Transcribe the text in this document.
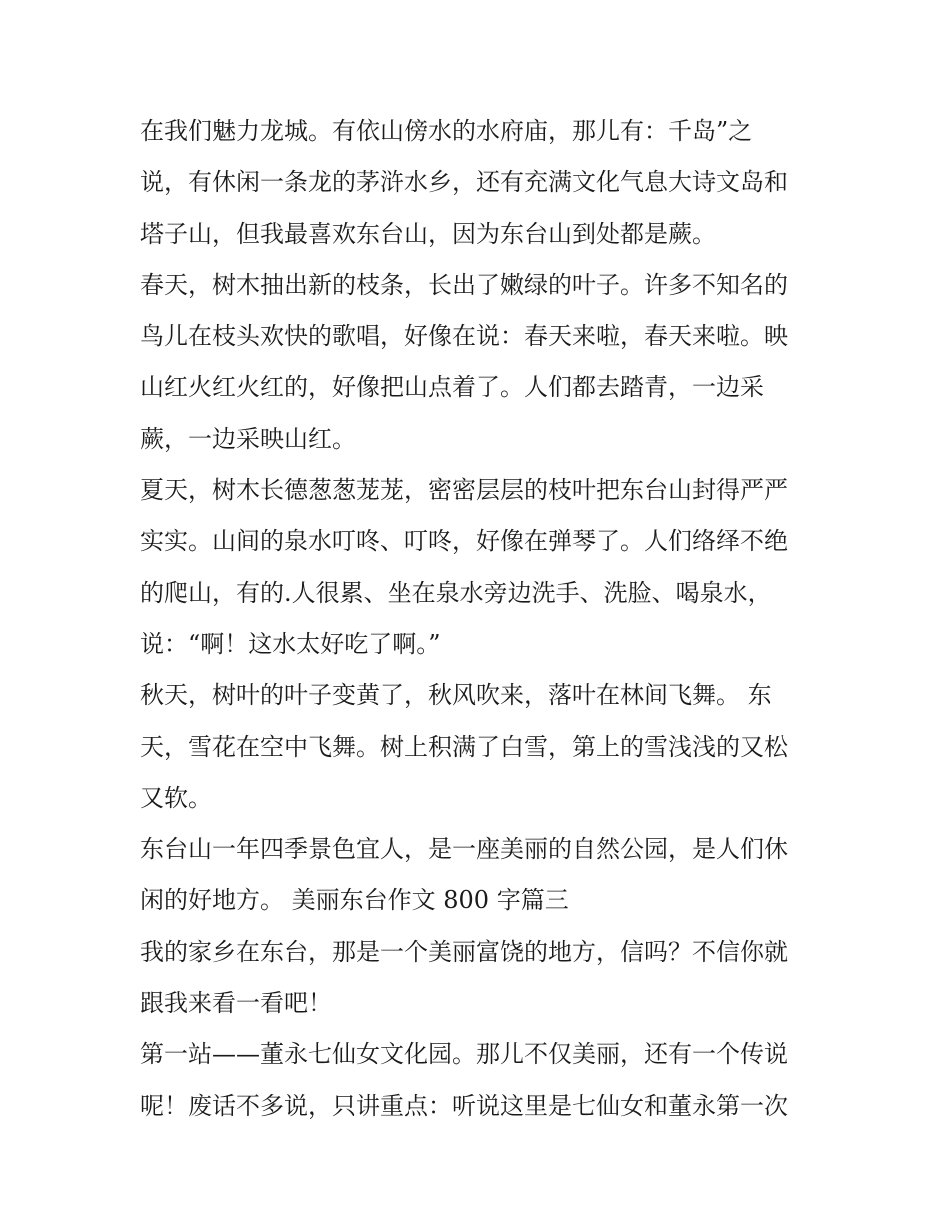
在我们魅力龙城。有依山傍水的水府庙，那儿有：千岛”之
说，有休闲一条龙的茅浒水乡，还有充满文化气息大诗文岛和
塔子山，但我最喜欢东台山，因为东台山到处都是蕨。
春天，树木抽出新的枝条，长出了嫩绿的叶子。许多不知名的
鸟儿在枝头欢快的歌唱，好像在说：春天来啦，春天来啦。映
山红火红火红的，好像把山点着了。人们都去踏青，一边采
蕨，一边采映山红。
夏天，树木长德葱葱茏茏，密密层层的枝叶把东台山封得严严
实实。山间的泉水叮咚、叮咚，好像在弹琴了。人们络绎不绝
的爬山，有的.人很累、坐在泉水旁边洗手、洗脸、喝泉水，
说：“啊！这水太好吃了啊。”
秋天，树叶的叶子变黄了，秋风吹来，落叶在林间飞舞。 东
天，雪花在空中飞舞。树上积满了白雪，第上的雪浅浅的又松
又软。
东台山一年四季景色宜人，是一座美丽的自然公园，是人们休
闲的好地方。 美丽东台作文 800 字篇三
我的家乡在东台，那是一个美丽富饶的地方，信吗？不信你就
跟我来看一看吧！
第一站——董永七仙女文化园。那儿不仅美丽，还有一个传说
呢！废话不多说，只讲重点：听说这里是七仙女和董永第一次
